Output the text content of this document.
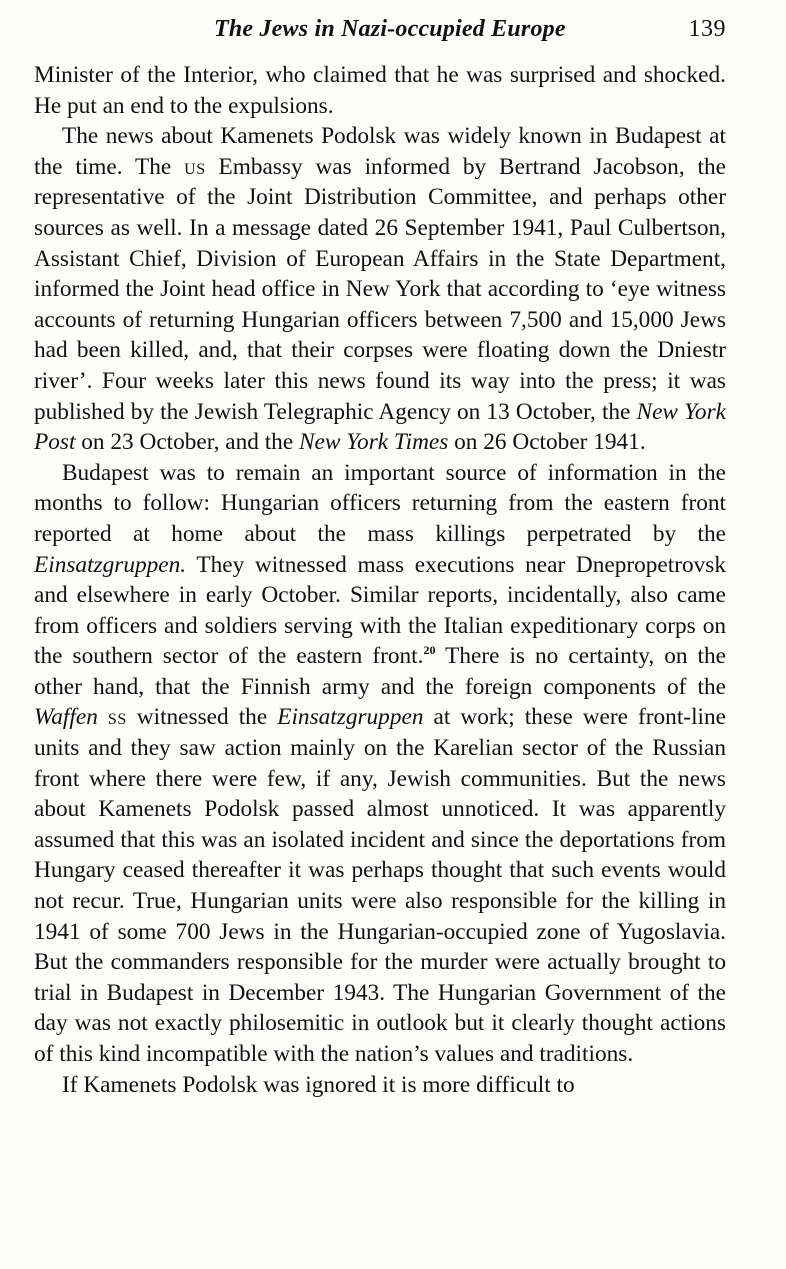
The Jews in Nazi-occupied Europe	139

Minister of the Interior, who claimed that he was surprised and shocked. He put an end to the expulsions.

The news about Kamenets Podolsk was widely known in Budapest at the time. The us Embassy was informed by Bertrand Jacobson, the representative of the Joint Distribution Committee, and perhaps other sources as well. In a message dated 26 September 1941, Paul Culbertson, Assistant Chief, Division of European Affairs in the State Department, informed the Joint head office in New York that according to ‘eye witness accounts of returning Hungarian officers between 7,500 and 15,000 Jews had been killed, and, that their corpses were floating down the Dniestr river’. Four weeks later this news found its way into the press; it was published by the Jewish Telegraphic Agency on 13 October, the New York Post on 23 October, and the New York Times on 26 October 1941.

Budapest was to remain an important source of information in the months to follow: Hungarian officers returning from the eastern front reported at home about the mass killings perpetrated by the Einsatzgruppen. They witnessed mass executions near Dnepropetrovsk and elsewhere in early October. Similar reports, incidentally, also came from officers and soldiers serving with the Italian expeditionary corps on the southern sector of the eastern front.$^{20}$ There is no certainty, on the other hand, that the Finnish army and the foreign components of the Waffen ss witnessed the Einsatzgruppen at work; these were front-line units and they saw action mainly on the Karelian sector of the Russian front where there were few, if any, Jewish communities. But the news about Kamenets Podolsk passed almost unnoticed. It was apparently assumed that this was an isolated incident and since the deportations from Hungary ceased thereafter it was perhaps thought that such events would not recur. True, Hungarian units were also responsible for the killing in 1941 of some 700 Jews in the Hungarian-occupied zone of Yugoslavia. But the commanders responsible for the murder were actually brought to trial in Budapest in December 1943. The Hungarian Government of the day was not exactly philosemitic in outlook but it clearly thought actions of this kind incompatible with the nation’s values and traditions.

If Kamenets Podolsk was ignored it is more difficult to
